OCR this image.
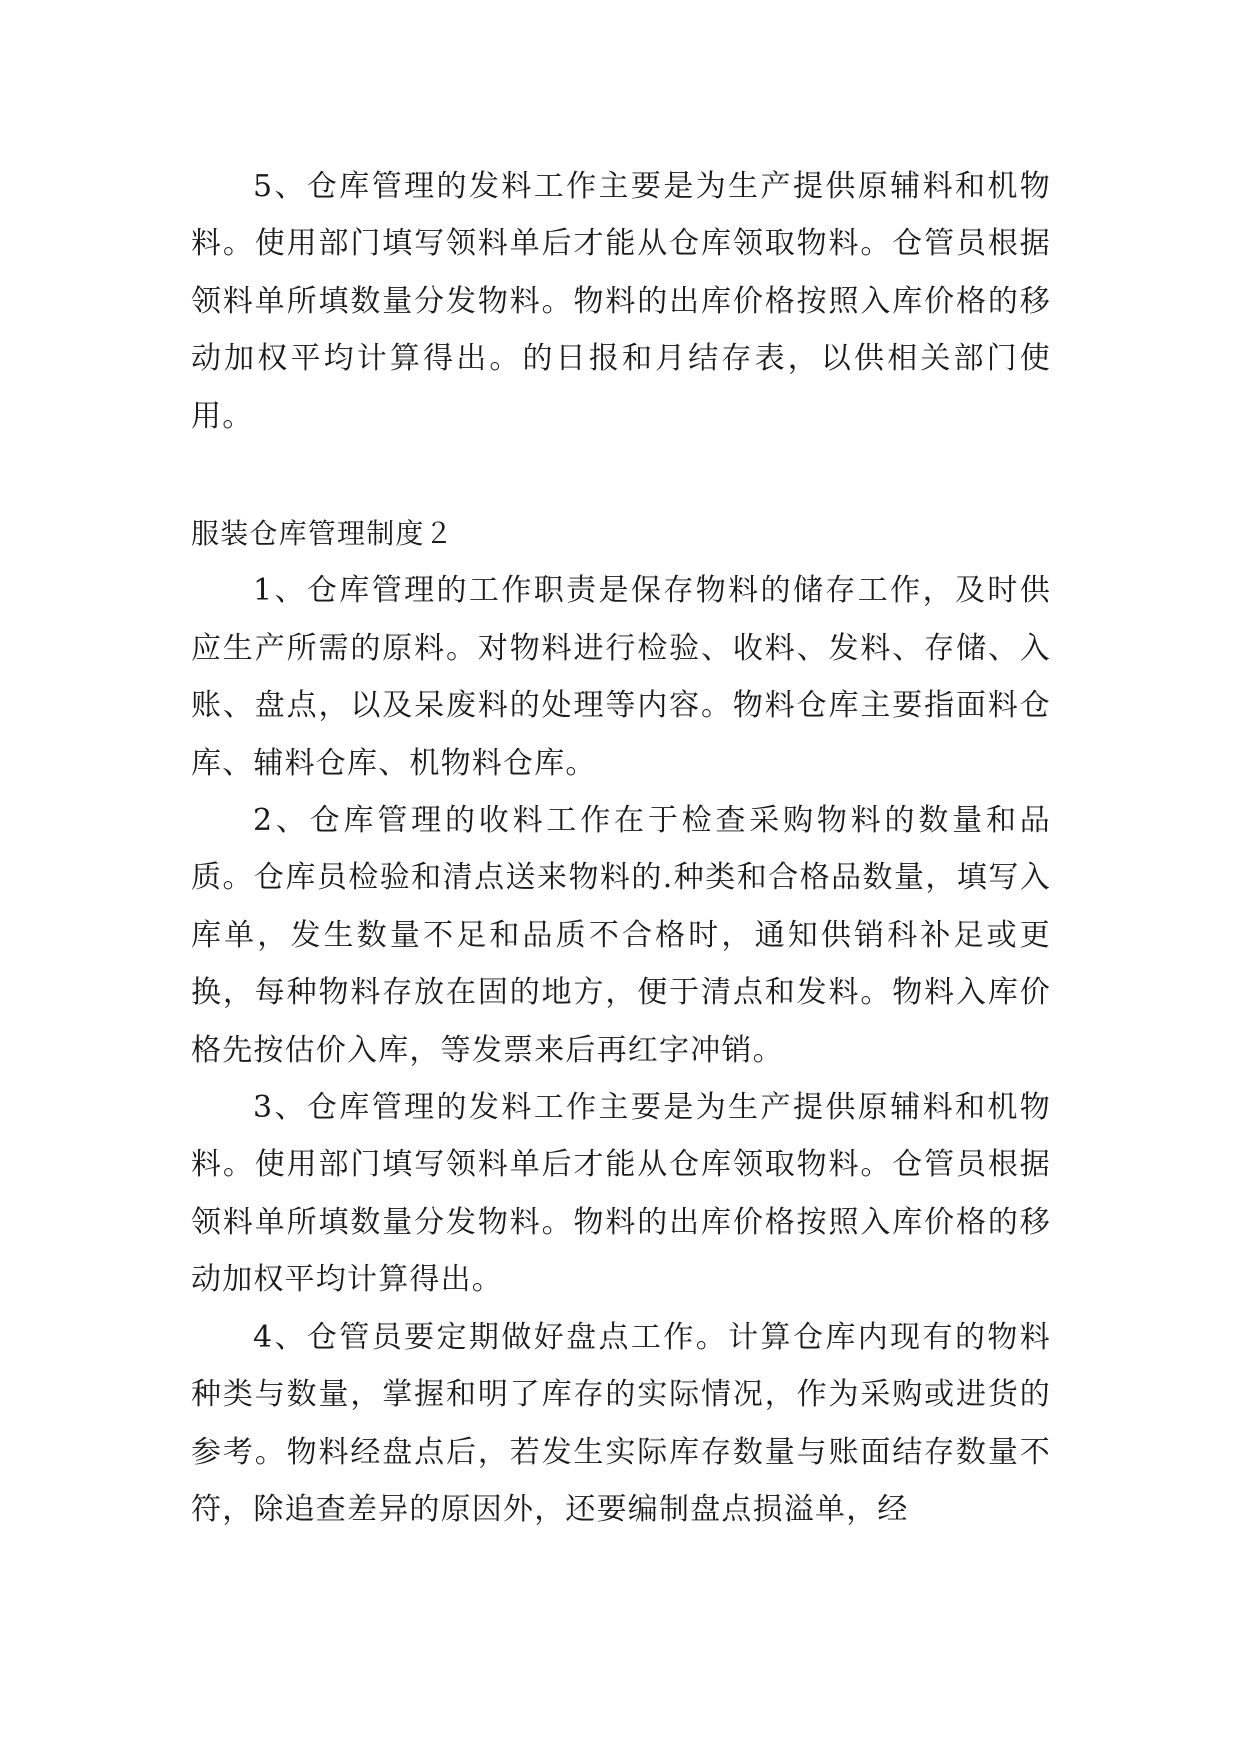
5、仓库管理的发料工作主要是为生产提供原辅料和机物料。使用部门填写领料单后才能从仓库领取物料。仓管员根据领料单所填数量分发物料。物料的出库价格按照入库价格的移动加权平均计算得出。的日报和月结存表，以供相关部门使用。

服装仓库管理制度２

1、仓库管理的工作职责是保存物料的储存工作，及时供应生产所需的原料。对物料进行检验、收料、发料、存储、入账、盘点，以及呆废料的处理等内容。物料仓库主要指面料仓库、辅料仓库、机物料仓库。

2、仓库管理的收料工作在于检查采购物料的数量和品质。仓库员检验和清点送来物料的.种类和合格品数量，填写入库单，发生数量不足和品质不合格时，通知供销科补足或更换，每种物料存放在固的地方，便于清点和发料。物料入库价格先按估价入库，等发票来后再红字冲销。

3、仓库管理的发料工作主要是为生产提供原辅料和机物料。使用部门填写领料单后才能从仓库领取物料。仓管员根据领料单所填数量分发物料。物料的出库价格按照入库价格的移动加权平均计算得出。

4、仓管员要定期做好盘点工作。计算仓库内现有的物料种类与数量，掌握和明了库存的实际情况，作为采购或进货的参考。物料经盘点后，若发生实际库存数量与账面结存数量不符，除追查差异的原因外，还要编制盘点损溢单，经
